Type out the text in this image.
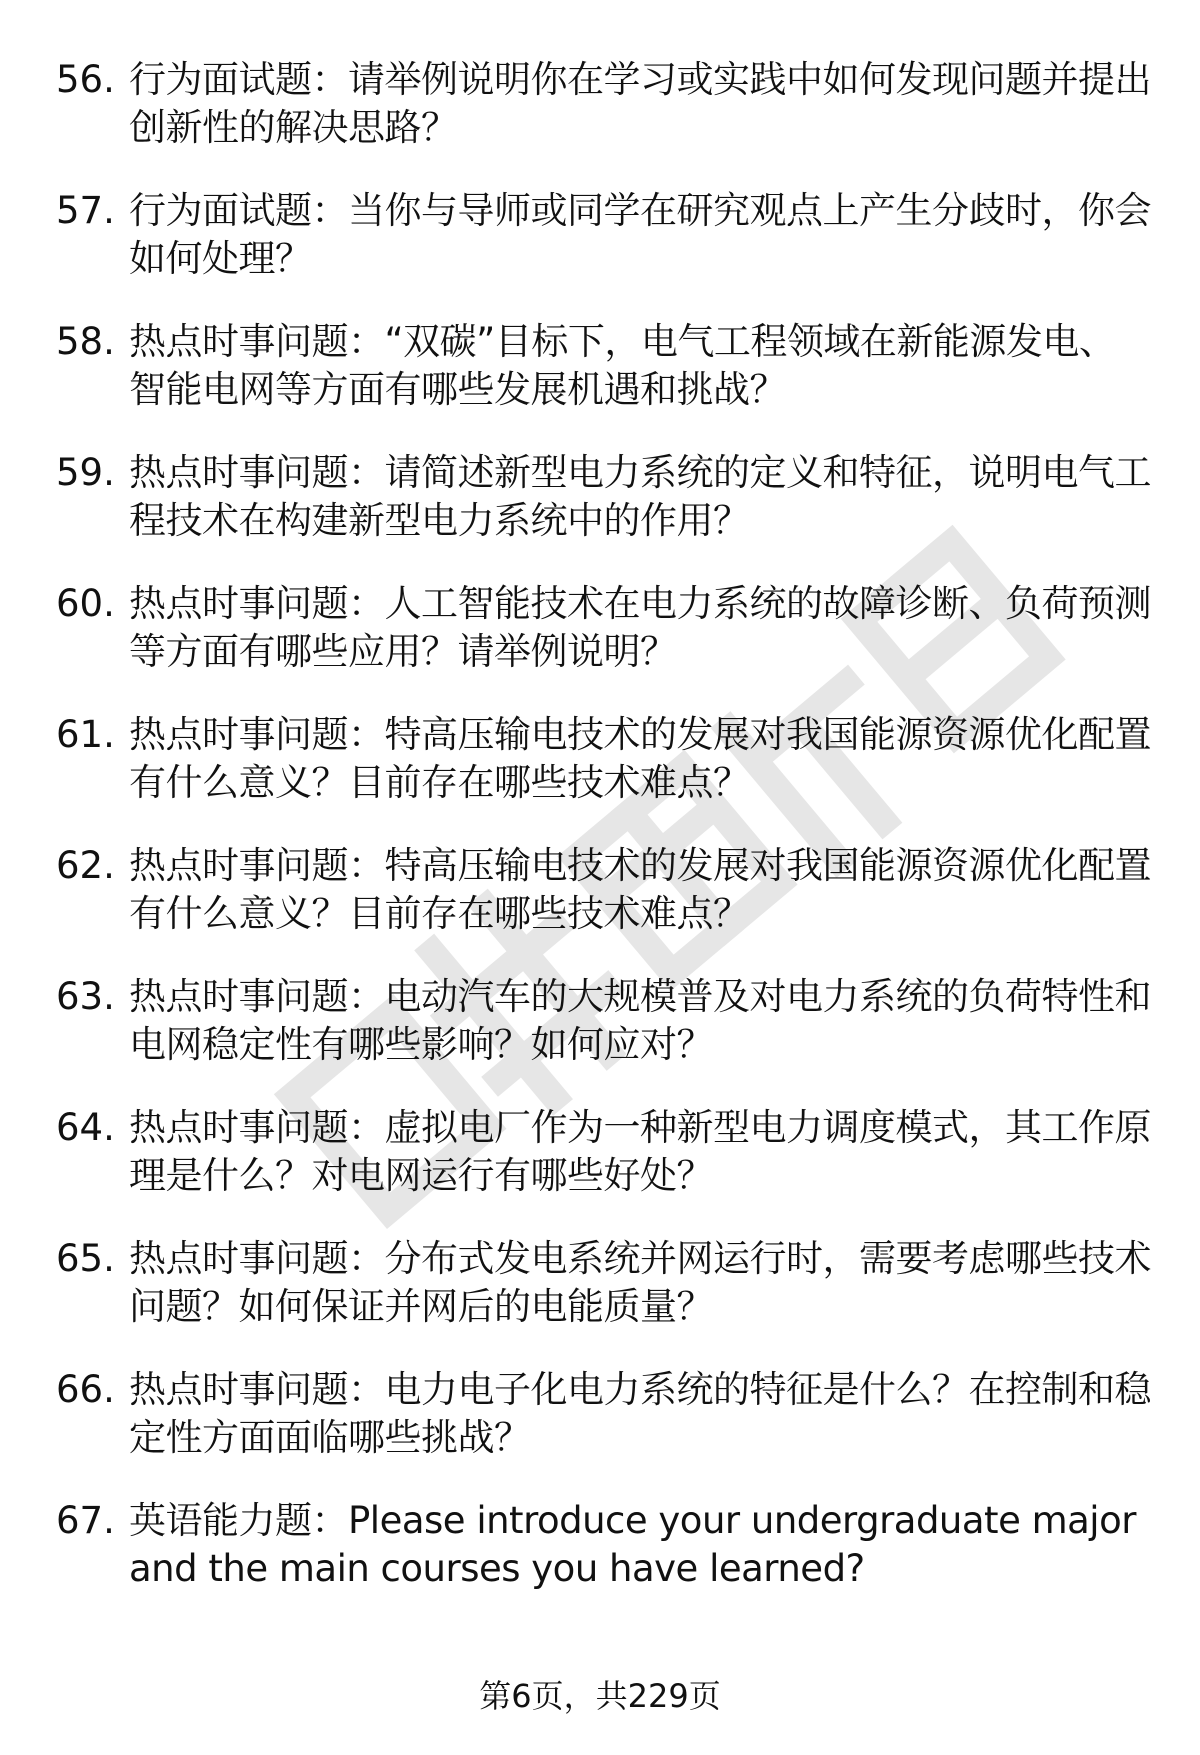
56. 行为面试题：请举例说明你在学习或实践中如何发现问题并提出
创新性的解决思路？
57. 行为面试题：当你与导师或同学在研究观点上产生分歧时，你会
如何处理？
58. 热点时事问题：“双碳”目标下，电气工程领域在新能源发电、
智能电网等方面有哪些发展机遇和挑战？
59. 热点时事问题：请简述新型电力系统的定义和特征，说明电气工
程技术在构建新型电力系统中的作用？
60. 热点时事问题：人工智能技术在电力系统的故障诊断、负荷预测
等方面有哪些应用？请举例说明？
61. 热点时事问题：特高压输电技术的发展对我国能源资源优化配置
有什么意义？目前存在哪些技术难点？
62. 热点时事问题：特高压输电技术的发展对我国能源资源优化配置
有什么意义？目前存在哪些技术难点？
63. 热点时事问题：电动汽车的大规模普及对电力系统的负荷特性和
电网稳定性有哪些影响？如何应对？
64. 热点时事问题：虚拟电厂作为一种新型电力调度模式，其工作原
理是什么？对电网运行有哪些好处？
65. 热点时事问题：分布式发电系统并网运行时，需要考虑哪些技术
问题？如何保证并网后的电能质量？
66. 热点时事问题：电力电子化电力系统的特征是什么？在控制和稳
定性方面面临哪些挑战？
67. 英语能力题：Please introduce your undergraduate major
and the main courses you have learned?
第6页，共229页
